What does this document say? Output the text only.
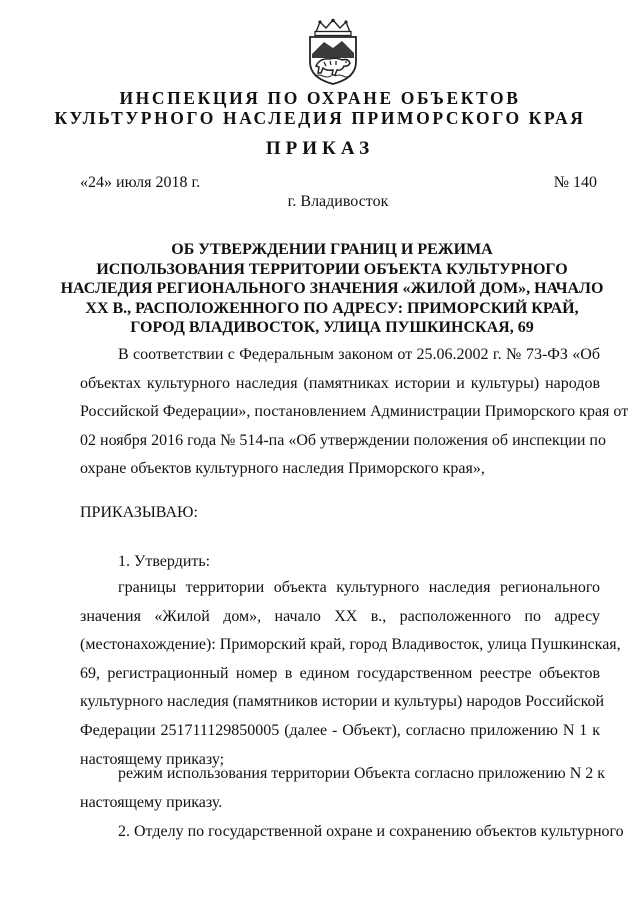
ИНСПЕКЦИЯ ПО ОХРАНЕ ОБЪЕКТОВ
КУЛЬТУРНОГО НАСЛЕДИЯ ПРИМОРСКОГО КРАЯ
ПРИКАЗ
«24» июля 2018 г.	№ 140
г. Владивосток
ОБ УТВЕРЖДЕНИИ ГРАНИЦ И РЕЖИМА
ИСПОЛЬЗОВАНИЯ ТЕРРИТОРИИ ОБЪЕКТА КУЛЬТУРНОГО
НАСЛЕДИЯ РЕГИОНАЛЬНОГО ЗНАЧЕНИЯ «ЖИЛОЙ ДОМ», НАЧАЛО
XX В., РАСПОЛОЖЕННОГО ПО АДРЕСУ: ПРИМОРСКИЙ КРАЙ,
ГОРОД ВЛАДИВОСТОК, УЛИЦА ПУШКИНСКАЯ, 69
В соответствии с Федеральным законом от 25.06.2002 г. № 73-ФЗ «Об
объектах культурного наследия (памятниках истории и культуры) народов
Российской Федерации», постановлением Администрации Приморского края от
02 ноября 2016 года № 514-па «Об утверждении положения об инспекции по
охране объектов культурного наследия Приморского края»,
ПРИКАЗЫВАЮ:
1. Утвердить:
границы территории объекта культурного наследия регионального
значения «Жилой дом», начало XX в., расположенного по адресу
(местонахождение): Приморский край, город Владивосток, улица Пушкинская,
69, регистрационный номер в едином государственном реестре объектов
культурного наследия (памятников истории и культуры) народов Российской
Федерации 251711129850005 (далее - Объект), согласно приложению N 1 к
настоящему приказу;
режим использования территории Объекта согласно приложению N 2 к
настоящему приказу.
2. Отделу по государственной охране и сохранению объектов культурного
